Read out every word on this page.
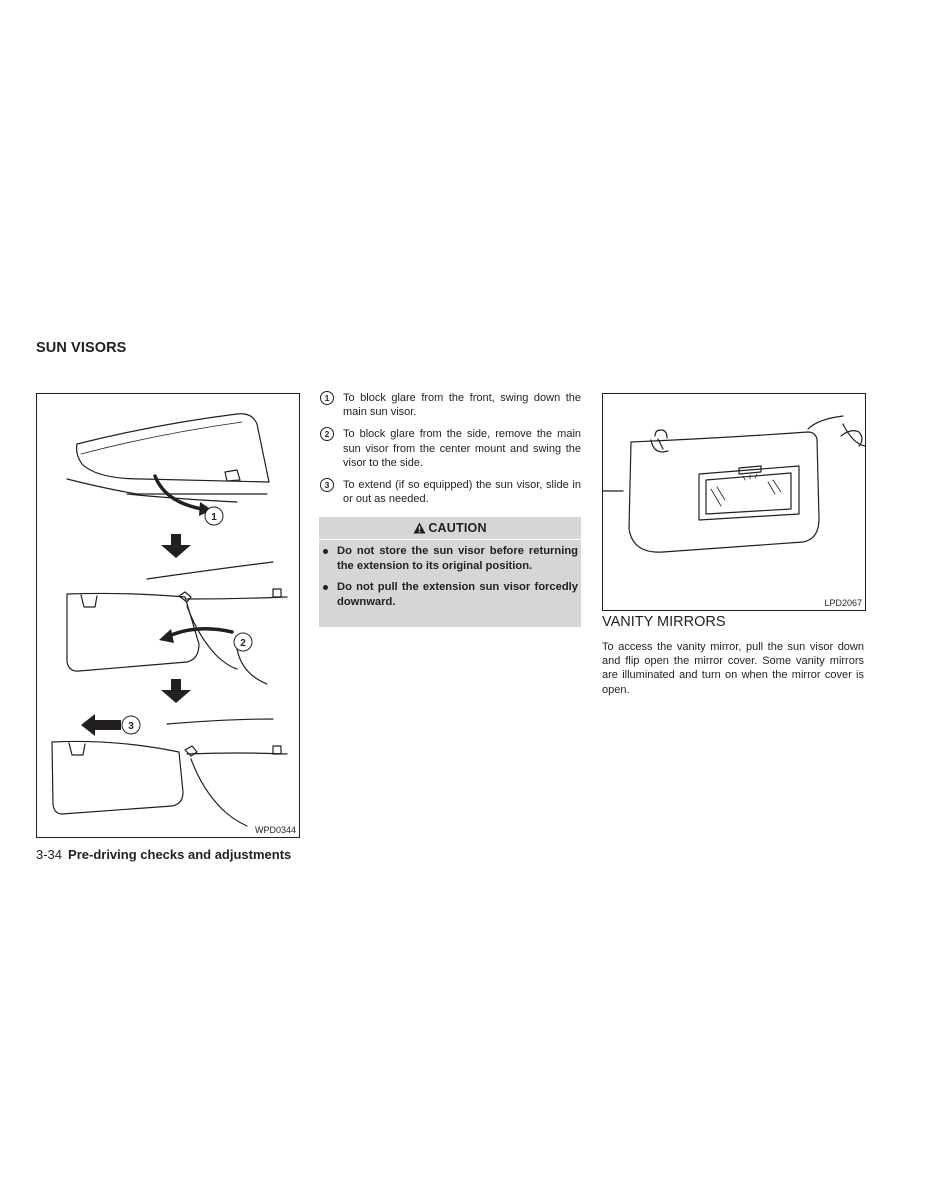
SUN VISORS
1
2
3
WPD0344
1	To block glare from the front, swing down the main sun visor.
2	To block glare from the side, remove the main sun visor from the center mount and swing the visor to the side.
3	To extend (if so equipped) the sun visor, slide in or out as needed.
CAUTION
Do not store the sun visor before returning the extension to its original position.
Do not pull the extension sun visor forcedly downward.	LPD2067
VANITY MIRRORS

To access the vanity mirror, pull the sun visor down and flip open the mirror cover. Some vanity mirrors are illuminated and turn on when the mirror cover is open.

3-34 Pre-driving checks and adjustments
